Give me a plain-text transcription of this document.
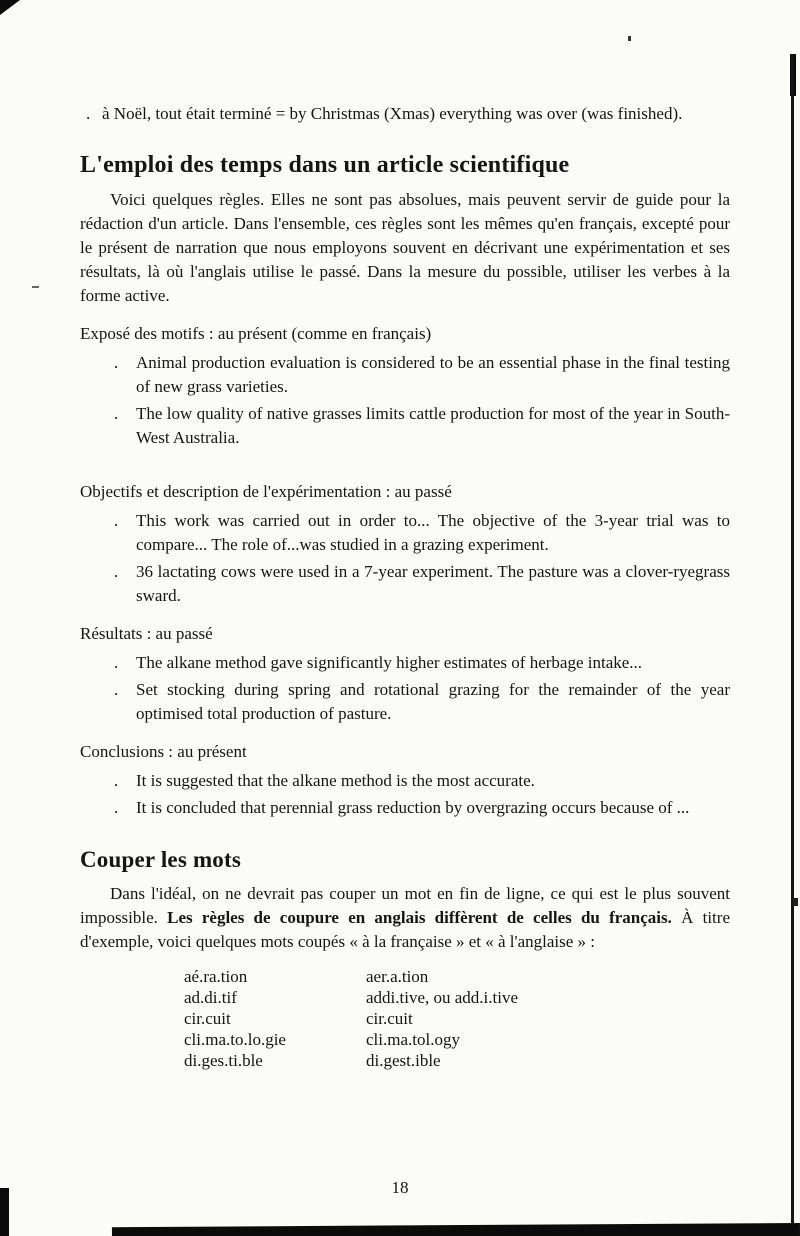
. à Noël, tout était terminé = by Christmas (Xmas) everything was over (was finished).
L'emploi des temps dans un article scientifique

Voici quelques règles. Elles ne sont pas absolues, mais peuvent servir de guide pour la rédaction d'un article. Dans l'ensemble, ces règles sont les mêmes qu'en français, excepté pour le présent de narration que nous employons souvent en décrivant une expérimentation et ses résultats, là où l'anglais utilise le passé. Dans la mesure du possible, utiliser les verbes à la forme active.

Exposé des motifs : au présent (comme en français)
. Animal production evaluation is considered to be an essential phase in the final testing of new grass varieties.
. The low quality of native grasses limits cattle production for most of the year in South-West Australia.
Objectifs et description de l'expérimentation : au passé
. This work was carried out in order to... The objective of the 3-year trial was to compare... The role of...was studied in a grazing experiment.
. 36 lactating cows were used in a 7-year experiment. The pasture was a clover-ryegrass sward.
Résultats : au passé
. The alkane method gave significantly higher estimates of herbage intake...
. Set stocking during spring and rotational grazing for the remainder of the year optimised total production of pasture.
Conclusions : au présent
. It is suggested that the alkane method is the most accurate.
. It is concluded that perennial grass reduction by overgrazing occurs because of ...
Couper les mots

Dans l'idéal, on ne devrait pas couper un mot en fin de ligne, ce qui est le plus souvent impossible. Les règles de coupure en anglais diffèrent de celles du français. À titre d'exemple, voici quelques mots coupés « à la française » et « à l'anglaise » :

aé.ra.tion	aer.a.tion
ad.di.tif	addi.tive, ou add.i.tive
cir.cuit	cir.cuit
cli.ma.to.lo.gie	cli.ma.tol.ogy
di.ges.ti.ble	di.gest.ible
18
